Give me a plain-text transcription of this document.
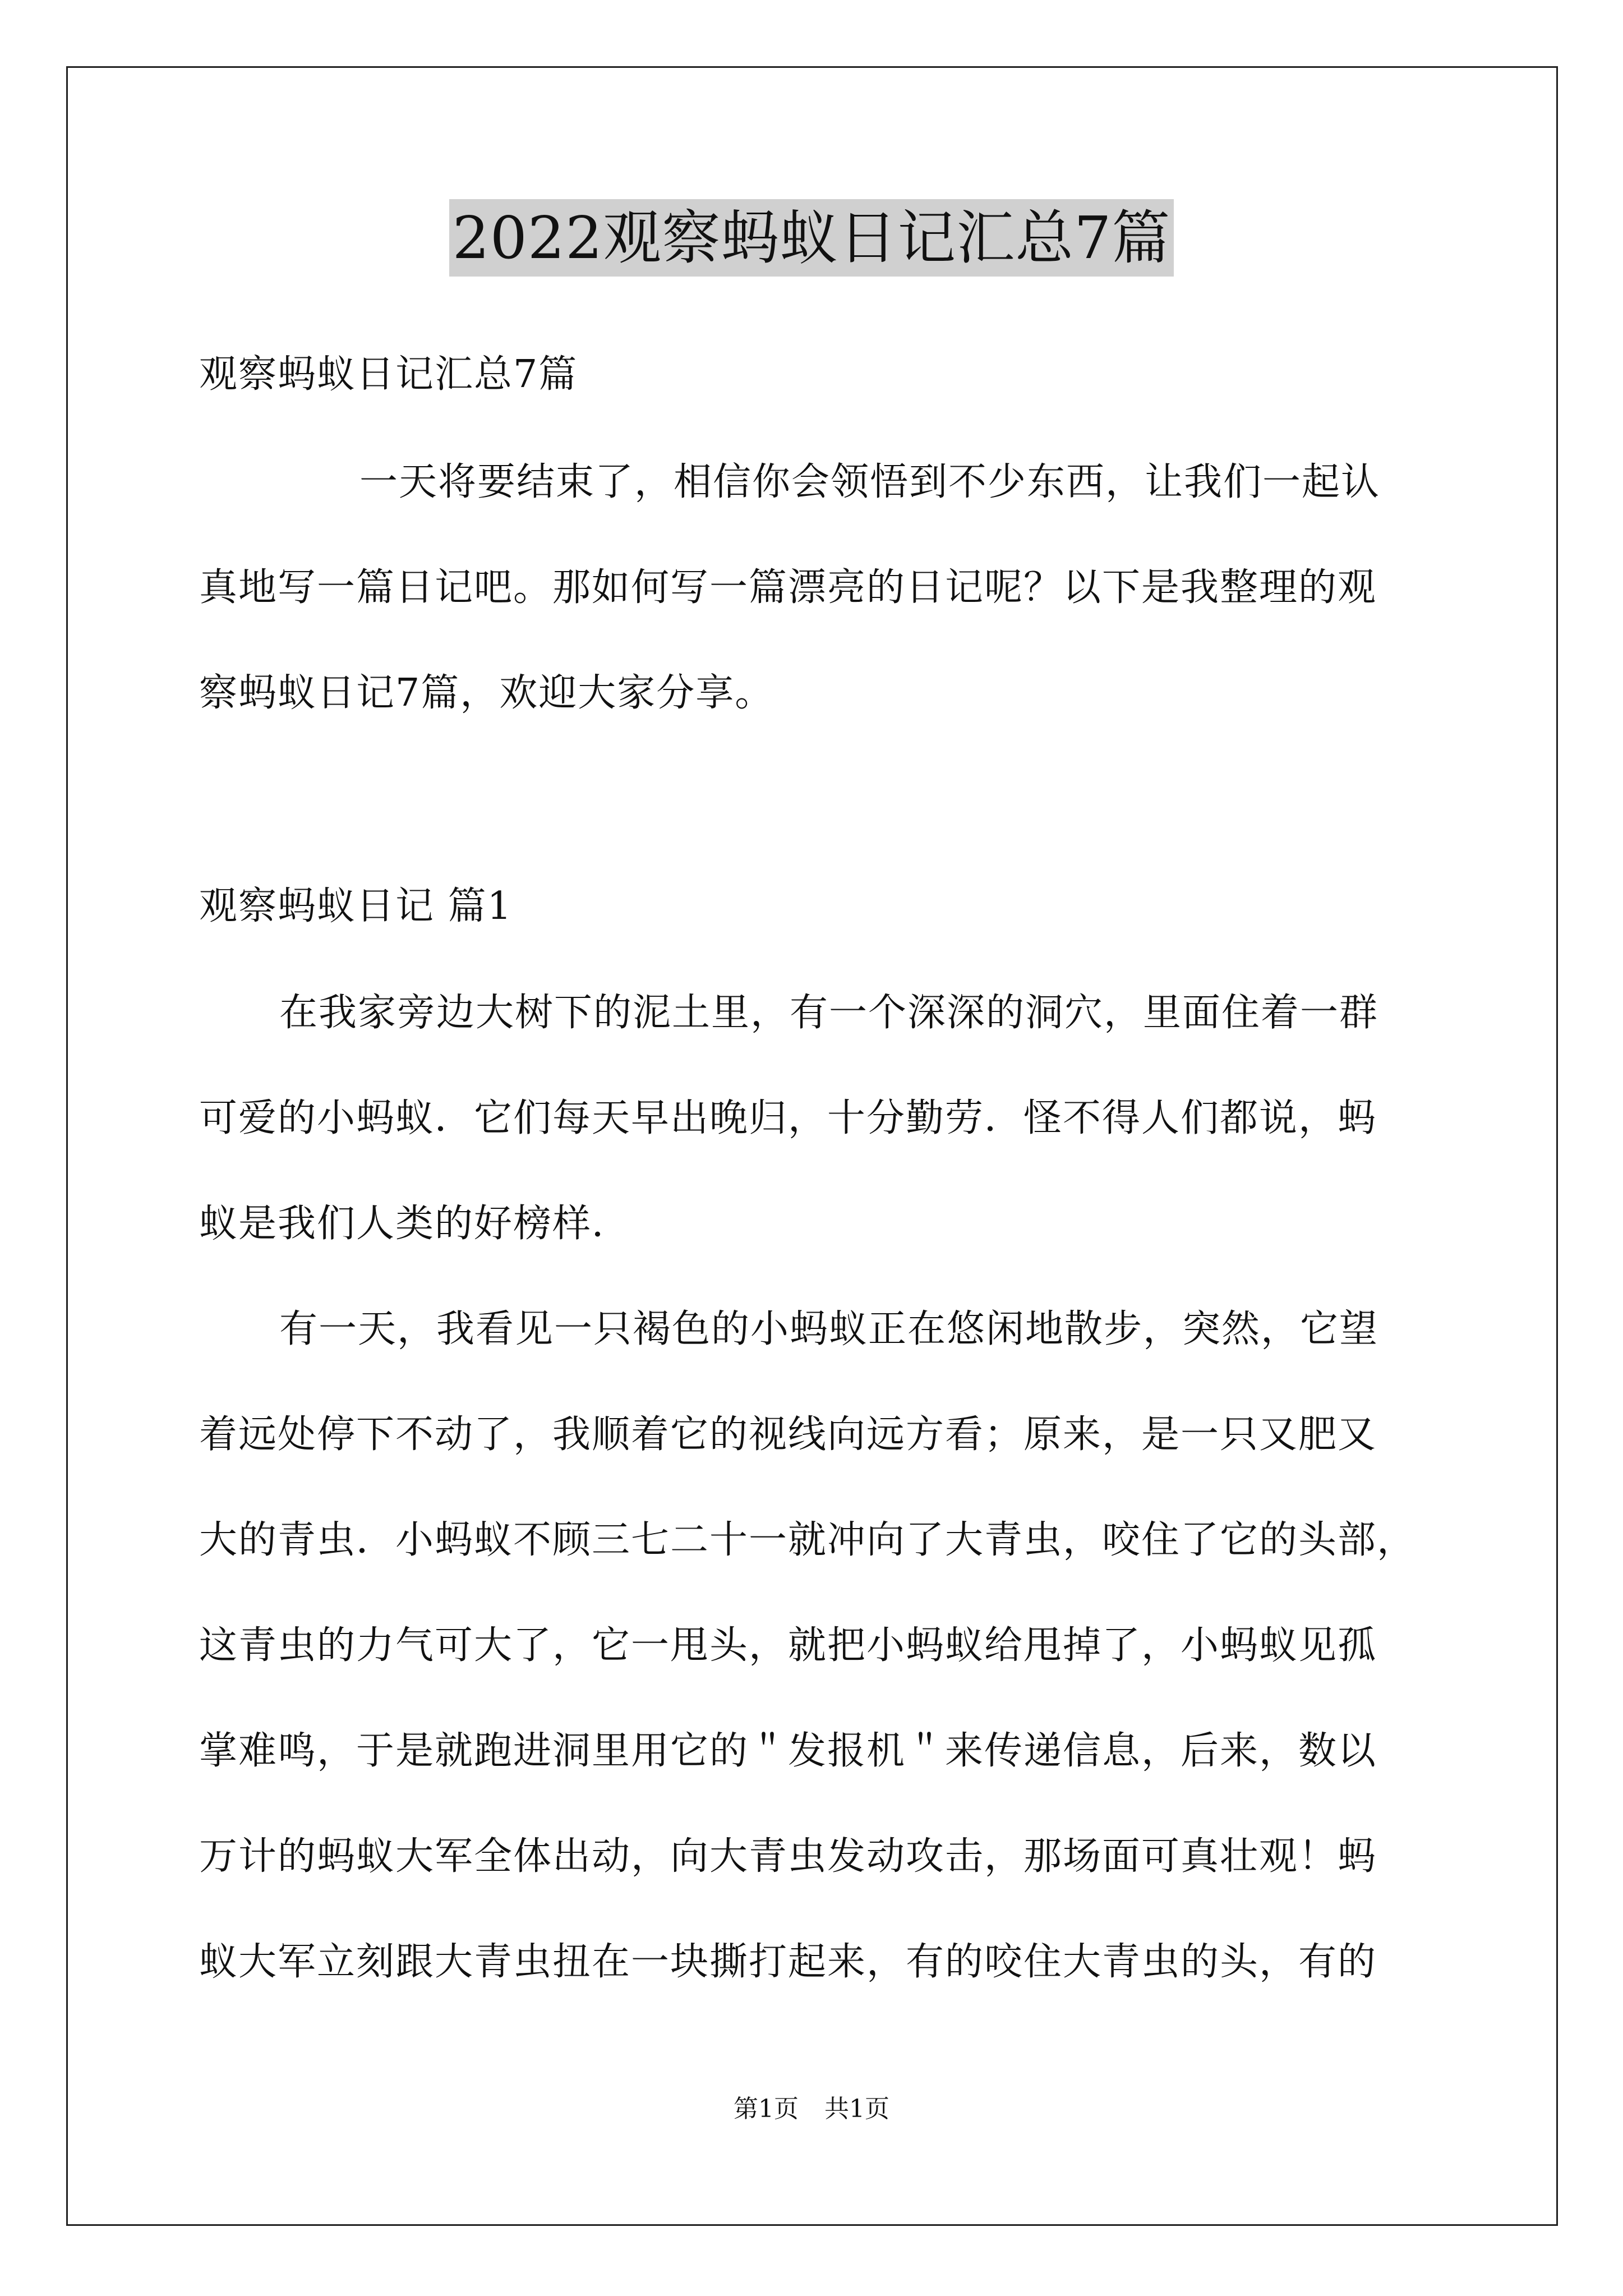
2022观察蚂蚁日记汇总7篇
观察蚂蚁日记汇总7篇
一天将要结束了，相信你会领悟到不少东西，让我们一起认
真地写一篇日记吧。那如何写一篇漂亮的日记呢？以下是我整理的观
察蚂蚁日记7篇，欢迎大家分享。
观察蚂蚁日记 篇1
在我家旁边大树下的泥土里，有一个深深的洞穴，里面住着一群
可爱的小蚂蚁．它们每天早出晚归，十分勤劳．怪不得人们都说，蚂
蚁是我们人类的好榜样．
有一天，我看见一只褐色的小蚂蚁正在悠闲地散步，突然，它望
着远处停下不动了，我顺着它的视线向远方看；原来，是一只又肥又
大的青虫．小蚂蚁不顾三七二十一就冲向了大青虫，咬住了它的头部，
这青虫的力气可大了，它一甩头，就把小蚂蚁给甩掉了，小蚂蚁见孤
掌难鸣，于是就跑进洞里用它的＂发报机＂来传递信息，后来，数以
万计的蚂蚁大军全体出动，向大青虫发动攻击，那场面可真壮观！蚂
蚁大军立刻跟大青虫扭在一块撕打起来，有的咬住大青虫的头，有的
第1页 共1页
